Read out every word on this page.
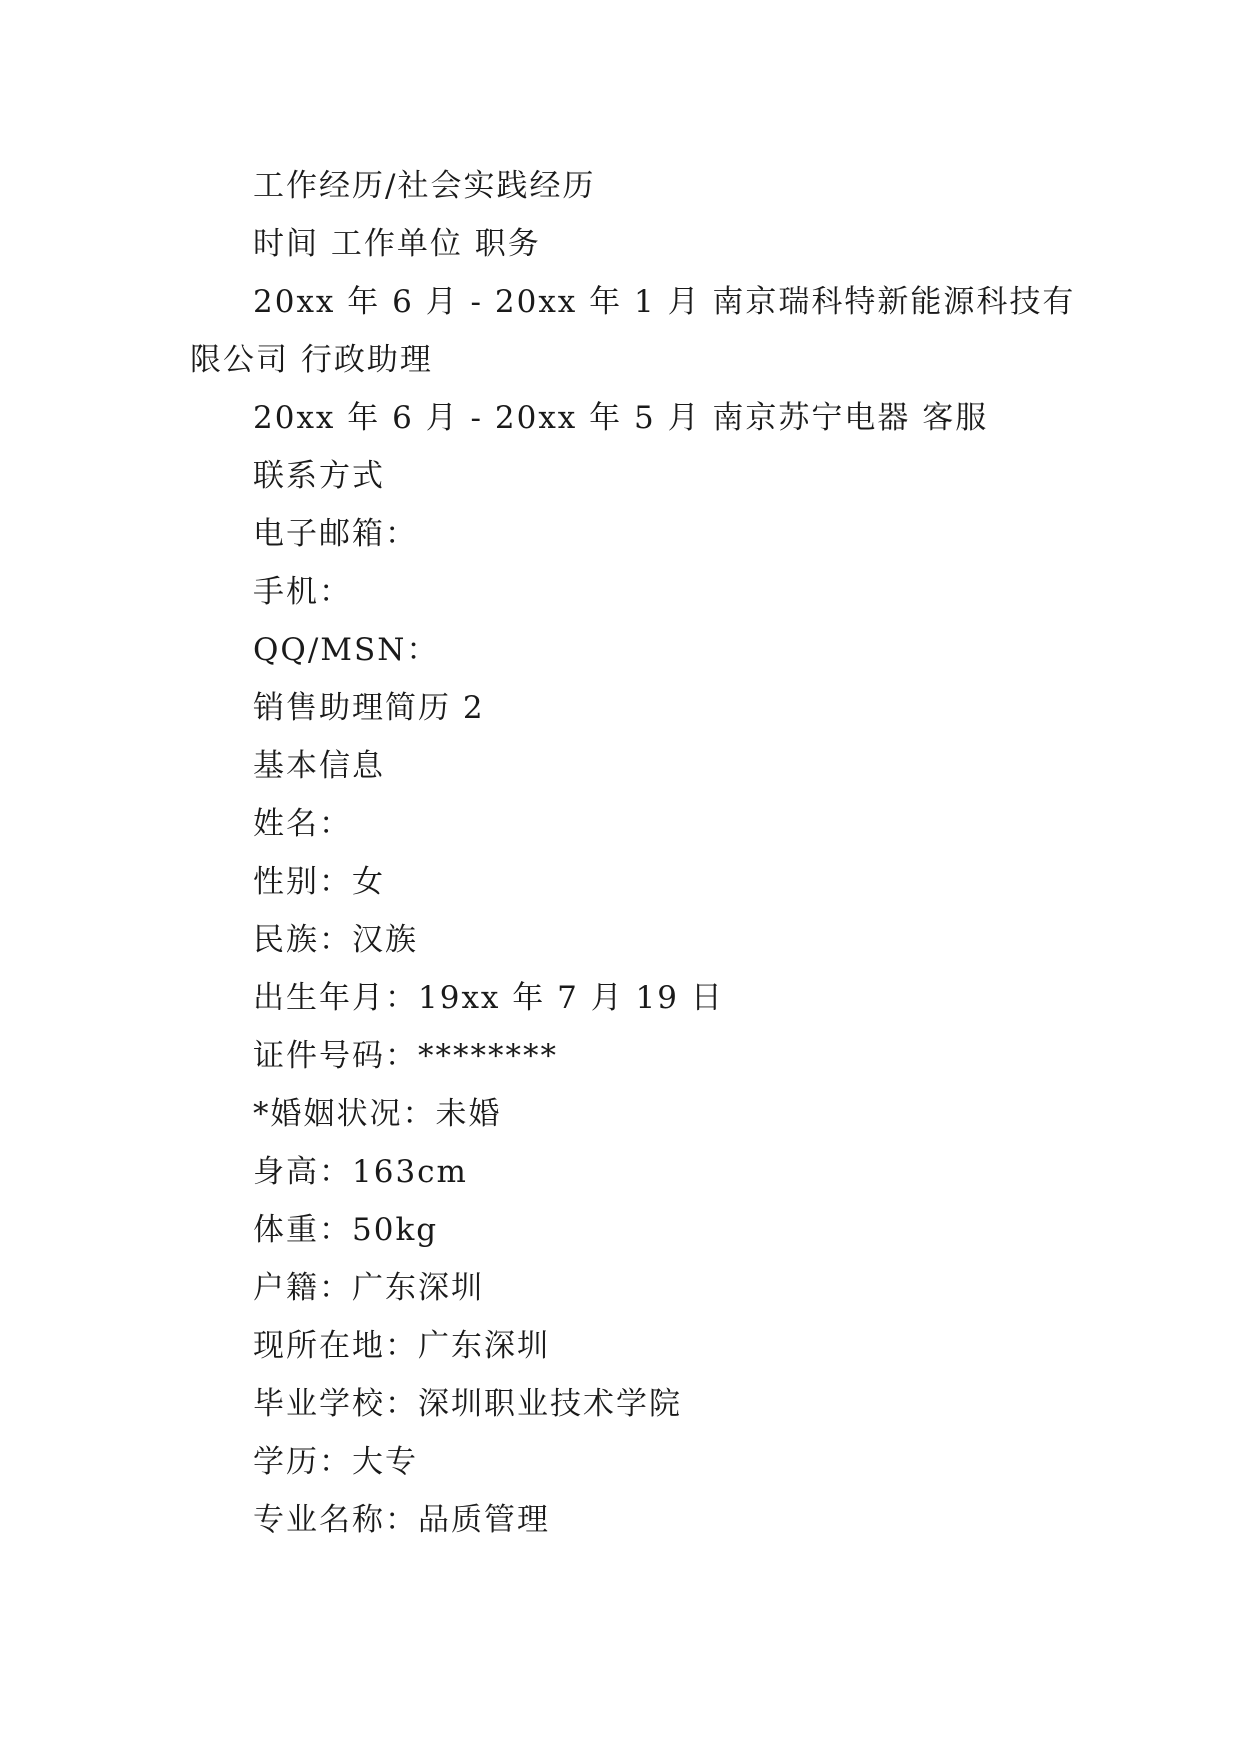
工作经历/社会实践经历
时间 工作单位 职务
20xx 年 6 月 - 20xx 年 1 月 南京瑞科特新能源科技有
限公司 行政助理
20xx 年 6 月 - 20xx 年 5 月 南京苏宁电器 客服
联系方式
电子邮箱：
手机：
QQ/MSN：
销售助理简历 2
基本信息
姓名：
性别：女
民族：汉族
出生年月：19xx 年 7 月 19 日
证件号码：********
*婚姻状况：未婚
身高：163cm
体重：50kg
户籍：广东深圳
现所在地：广东深圳
毕业学校：深圳职业技术学院
学历：大专
专业名称：品质管理
